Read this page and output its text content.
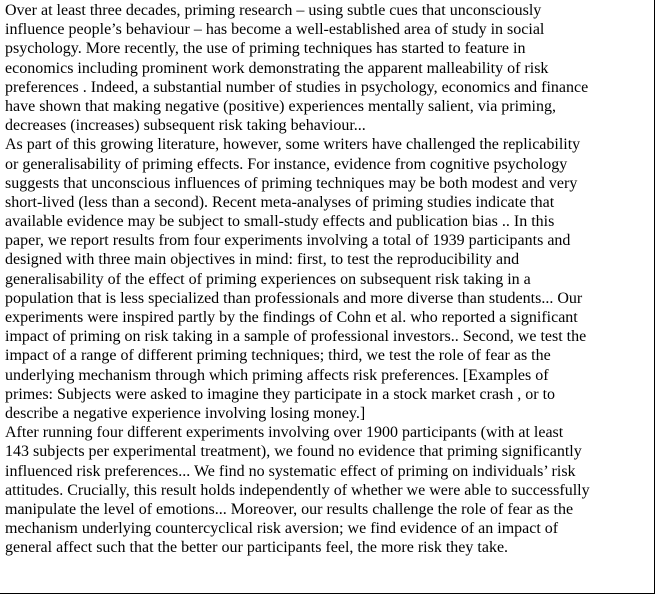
Over at least three decades, priming research – using subtle cues that unconsciously
influence people’s behaviour – has become a well-established area of study in social
psychology. More recently, the use of priming techniques has started to feature in
economics including prominent work demonstrating the apparent malleability of risk
preferences . Indeed, a substantial number of studies in psychology, economics and finance
have shown that making negative (positive) experiences mentally salient, via priming,
decreases (increases) subsequent risk taking behaviour...
As part of this growing literature, however, some writers have challenged the replicability
or generalisability of priming effects. For instance, evidence from cognitive psychology
suggests that unconscious influences of priming techniques may be both modest and very
short-lived (less than a second). Recent meta-analyses of priming studies indicate that
available evidence may be subject to small-study effects and publication bias .. In this
paper, we report results from four experiments involving a total of 1939 participants and
designed with three main objectives in mind: first, to test the reproducibility and
generalisability of the effect of priming experiences on subsequent risk taking in a
population that is less specialized than professionals and more diverse than students... Our
experiments were inspired partly by the findings of Cohn et al. who reported a significant
impact of priming on risk taking in a sample of professional investors.. Second, we test the
impact of a range of different priming techniques; third, we test the role of fear as the
underlying mechanism through which priming affects risk preferences. [Examples of
primes: Subjects were asked to imagine they participate in a stock market crash , or to
describe a negative experience involving losing money.]
After running four different experiments involving over 1900 participants (with at least
143 subjects per experimental treatment), we found no evidence that priming significantly
influenced risk preferences... We find no systematic effect of priming on individuals’ risk
attitudes. Crucially, this result holds independently of whether we were able to successfully
manipulate the level of emotions... Moreover, our results challenge the role of fear as the
mechanism underlying countercyclical risk aversion; we find evidence of an impact of
general affect such that the better our participants feel, the more risk they take.
